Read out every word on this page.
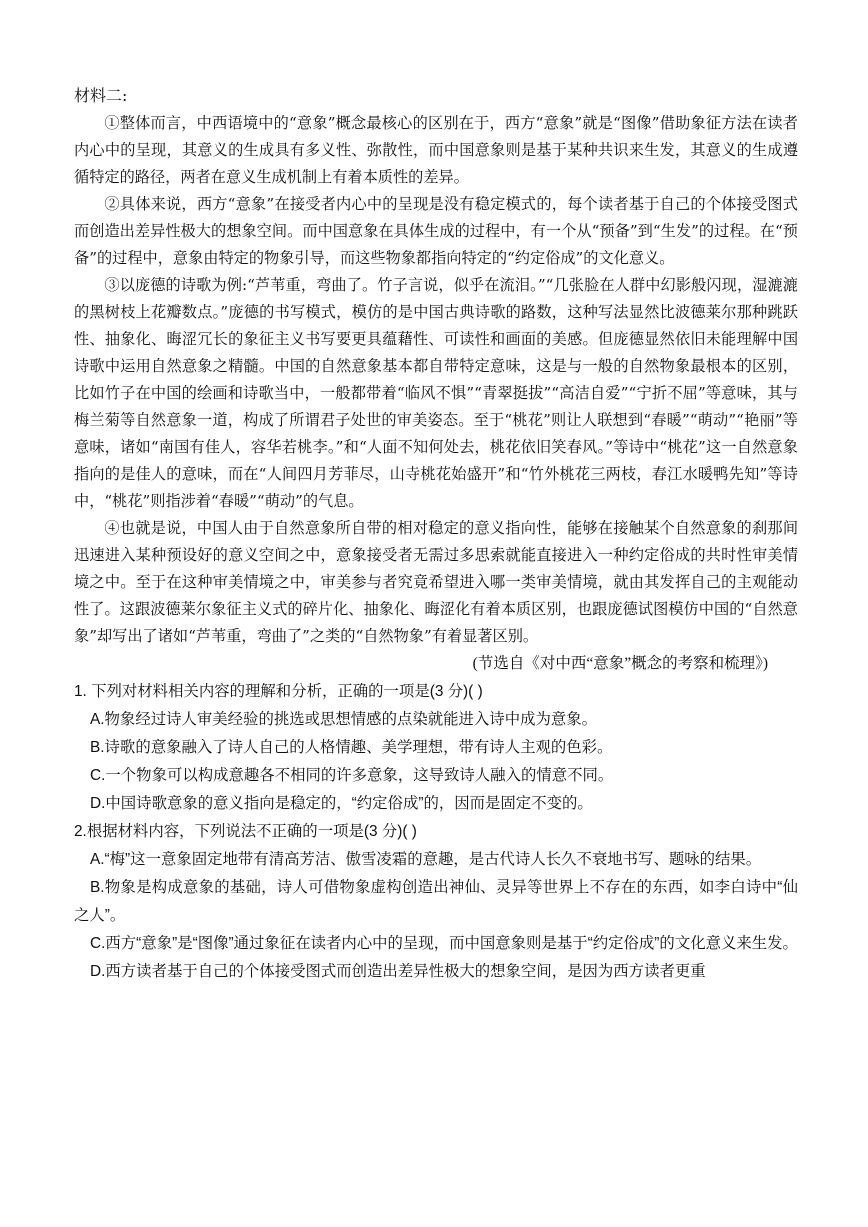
材料二:

①整体而言，中西语境中的“意象”概念最核心的区别在于，西方“意象”就是“图像”借助象征方法在读者内心中的呈现，其意义的生成具有多义性、弥散性，而中国意象则是基于某种共识来生发，其意义的生成遵循特定的路径，两者在意义生成机制上有着本质性的差异。

②具体来说，西方“意象”在接受者内心中的呈现是没有稳定模式的，每个读者基于自己的个体接受图式而创造出差异性极大的想象空间。而中国意象在具体生成的过程中，有一个从“预备”到“生发”的过程。在“预备”的过程中，意象由特定的物象引导，而这些物象都指向特定的“约定俗成”的文化意义。

③以庞德的诗歌为例:“芦苇重，弯曲了。竹子言说，似乎在流泪。”“几张脸在人群中幻影般闪现，湿漉漉的黑树枝上花瓣数点。”庞德的书写模式，模仿的是中国古典诗歌的路数，这种写法显然比波德莱尔那种跳跃性、抽象化、晦涩冗长的象征主义书写要更具蕴藉性、可读性和画面的美感。但庞德显然依旧未能理解中国诗歌中运用自然意象之精髓。中国的自然意象基本都自带特定意味，这是与一般的自然物象最根本的区别，比如竹子在中国的绘画和诗歌当中，一般都带着“临风不惧”“青翠挺拔”“高洁自爱”“宁折不屈”等意味，其与梅兰菊等自然意象一道，构成了所谓君子处世的审美姿态。至于“桃花”则让人联想到“春暖”“萌动”“艳丽”等意味，诸如“南国有佳人，容华若桃李。”和“人面不知何处去，桃花依旧笑春风。”等诗中“桃花”这一自然意象指向的是佳人的意味，而在“人间四月芳菲尽，山寺桃花始盛开”和“竹外桃花三两枝，春江水暖鸭先知”等诗中，“桃花”则指涉着“春暖”“萌动”的气息。

④也就是说，中国人由于自然意象所自带的相对稳定的意义指向性，能够在接触某个自然意象的刹那间迅速进入某种预设好的意义空间之中，意象接受者无需过多思索就能直接进入一种约定俗成的共时性审美情境之中。至于在这种审美情境之中，审美参与者究竟希望进入哪一类审美情境，就由其发挥自己的主观能动性了。这跟波德莱尔象征主义式的碎片化、抽象化、晦涩化有着本质区别，也跟庞德试图模仿中国的“自然意象”却写出了诸如“芦苇重，弯曲了”之类的“自然物象”有着显著区别。

(节选自《对中西“意象”概念的考察和梳理》)

1. 下列对材料相关内容的理解和分析，正确的一项是(3 分)( )

A.物象经过诗人审美经验的挑选或思想情感的点染就能进入诗中成为意象。

B.诗歌的意象融入了诗人自己的人格情趣、美学理想，带有诗人主观的色彩。

C.一个物象可以构成意趣各不相同的许多意象，这导致诗人融入的情意不同。

D.中国诗歌意象的意义指向是稳定的，“约定俗成”的，因而是固定不变的。

2.根据材料内容，下列说法不正确的一项是(3 分)( )

A.“梅”这一意象固定地带有清高芳洁、傲雪凌霜的意趣，是古代诗人长久不衰地书写、题咏的结果。

B.物象是构成意象的基础，诗人可借物象虚构创造出神仙、灵异等世界上不存在的东西，如李白诗中“仙之人”。

C.西方“意象”是“图像”通过象征在读者内心中的呈现，而中国意象则是基于“约定俗成”的文化意义来生发。

D.西方读者基于自己的个体接受图式而创造出差异性极大的想象空间，是因为西方读者更重
